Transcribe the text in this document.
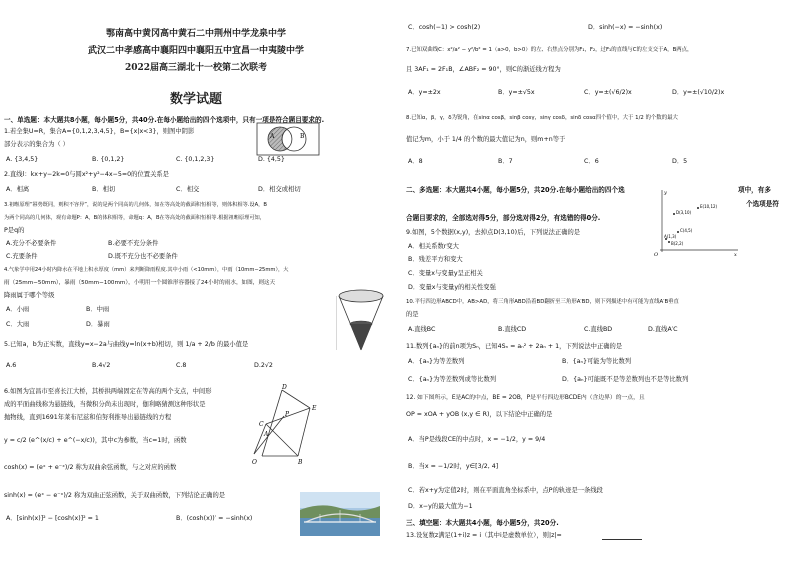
鄂南高中黄冈高中黄石二中荆州中学龙泉中学
武汉二中孝感高中襄阳四中襄阳五中宜昌一中夷陵中学
2022届高三湖北十一校第二次联考
数学试题
一、单选题：本大题共8小题，每小题5分，共40分.在每小题给出的四个选项中，只有一项是符合题目要求的.
1.若全集U=R，集合A={0,1,2,3,4,5}，B={x|x<3}，则图中阴影
部分表示的集合为（ ）
A	B
A. {3,4,5}	B. {0,1,2}	C. {0,1,2,3}	D. {4,5}
2.直线l：kx+y−2k=0与圆x²+y²−4x−5=0的位置关系是
A．相离	B．相切	C．相交	D．相交或相切
3.祖暅原理“幂势既同，则积不容异”，说的是两个同高的几何体，如在等高处的截面积恒相等，则体积相等.设A，B
为两个同高的几何体，观有命题P：A，B的体积相等，命题q：A，B在等高处的截面积恒相等.根据祖暅原理可知，
P是q的
A.充分不必要条件	B.必要不充分条件
C.充要条件	D.既不充分也不必要条件
4.气象学中用24小时内降水在平地上积水厚度（mm）来判断降雨程度.其中小雨（<10mm），中雨（10mm−25mm），大
雨（25mm−50mm），暴雨（50mm−100mm），小明用一个圆锥形容器接了24小时的雨水，如图，则这天
降雨属于哪个等级
A．小雨	B．中雨
C．大雨	D．暴雨
5.已知a，b为正实数，直线y=x−2a与曲线y=ln(x+b)相切，则 1/a + 2/b 的最小值是
A.6	B.4√2	C.8	D.2√2
6.如图为宜昌市至喜长江大桥，其桥拱两端固定在等高的两个支点，中间形
成的平面曲线称为悬链线，当微积分尚未出现时，伽利略猜测这种形状是
抛物线，直到1691年莱布尼兹和伯努利推导出悬链线的方程
y = c/2 (e^(x/c) + e^(−x/c))，其中c为参数，当c=1时，函数
cosh(x) = (eˣ + e⁻ˣ)/2 称为双曲余弦函数，与之对应的函数
sinh(x) = (eˣ − e⁻ˣ)/2 称为双曲正弦函数，关于双曲函数，下列结论正确的是
A．[sinh(x)]² − [cosh(x)]² = 1	B．(cosh(x))′ = −sinh(x)
D
E
P
C
A
O	B
C．cosh(−1) > cosh(2)	D．sinh(−x) = −sinh(x)
7.已知双曲线C：x²/a² − y²/b² = 1（a>0，b>0）的左、右焦点分别为F₁，F₂，过F₁的直线与C的左支交于A，B两点，
且 3AF₁ = 2F₁B，∠ABF₂ = 90°，则C的渐近线方程为
A．y=±2x	B．y=±√5x	C．y=±(√6/2)x	D．y=±(√10/2)x
8.已知α，β，γ，δ为锐角，在sinα cosβ，sinβ cosγ，sinγ cosδ，sinδ cosα四个值中，大于 1/2 的个数的最大
值记为m，小于 1/4 的个数的最大值记为n，则m+n等于
A．8	B．7	C．6	D．5
二、多选题：本大题共4小题，每小题5分，共20分.在每小题给出的四个选	项中，有多
个选项是符
合题目要求的，全部选对得5分，部分选对得2分，有选错的得0分.
E(10,12)
D(3,10)
C(4,5)
B(2,2)
A(1,3)
O	x
y
9.如图，5个数据(x,y)，去掉点D(3,10)后，下列说法正确的是
A．相关系数r变大
B．残差平方和变大
C．变量x与变量y呈正相关
D．变量x与变量y的相关性变强
10.平行四边形ABCD中，AB>AD，将三角形ABD沿着BD翻折至三角形A′BD，则下列描述中有可能为直线A′B垂直
的是
A.直线BC	B.直线CD	C.直线BD	D.直线A′C
11.数列{aₙ}的前n项为Sₙ，已知4Sₙ = aₙ² + 2aₙ + 1，下列说法中正确的是
A．{aₙ}为等差数列	B．{aₙ}可能为等比数列
C．{aₙ}为等差数列或等比数列	D．{aₙ}可能既不是等差数列也不是等比数列
12. 如下图所示，E是AC的中点，BE = 2OB，P是平行四边形BCDE内（含边界）的一点，且
OP = xOA + yOB (x,y ∈ R)，以下结论中正确的是
A．当P是线段CE的中点时，x = −1/2，y = 9/4
B．当x = −1/2时，y∈[3/2, 4]
C．若x+y为定值2时，则在平面直角坐标系中，点P的轨迹是一条线段
D．x−y的最大值为−1
三、填空题：本大题共4小题，每小题5分，共20分.
13.设复数z满足(1+i)z = i（其中i是虚数单位），则|z|=
